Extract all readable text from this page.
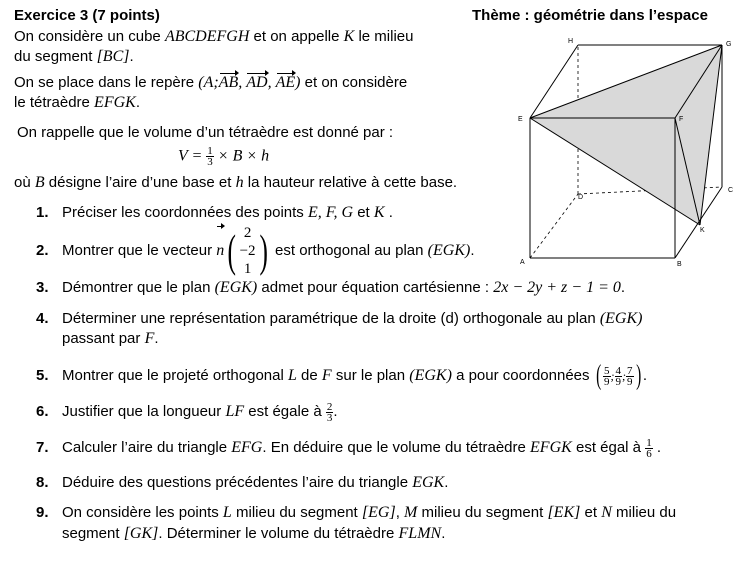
Exercice 3 (7 points)	Thème : géométrie dans l’espace
On considère un cube ABCDEFGH et on appelle K le milieu
du segment [BC].
On se place dans le repère (A;AB, AD, AE) et on considère
le tétraèdre EFGK.
On rappelle que le volume d’un tétraèdre est donné par :
$V = \frac{1}{3} \times B \times h$
où B désigne l’aire d’une base et h la hauteur relative à cette base.
1. Préciser les coordonnées des points E, F, G et K .
2. Montrer que le vecteur n( 2
−2
1 ) est orthogonal au plan (EGK).
3. Démontrer que le plan (EGK) admet pour équation cartésienne : 2x − 2y + z − 1 = 0.
4. Déterminer une représentation paramétrique de la droite (d) orthogonale au plan (EGK)
passant par F.
5. Montrer que le projeté orthogonal L de F sur le plan (EGK) a pour coordonnées ( $\frac{5}{9}$ ; $\frac{4}{9}$ ; $\frac{7}{9}$ ) .
6. Justifier que la longueur LF est égale à $\frac{2}{3}$ .
7. Calculer l’aire du triangle EFG. En déduire que le volume du tétraèdre EFGK est égal à $\frac{1}{6}$ .
8. Déduire des questions précédentes l’aire du triangle EGK.
9. On considère les points L milieu du segment [EG], M milieu du segment [EK] et N milieu du
segment [GK]. Déterminer le volume du tétraèdre FLMN.
A	B
C
D
E	F
G
H
K
